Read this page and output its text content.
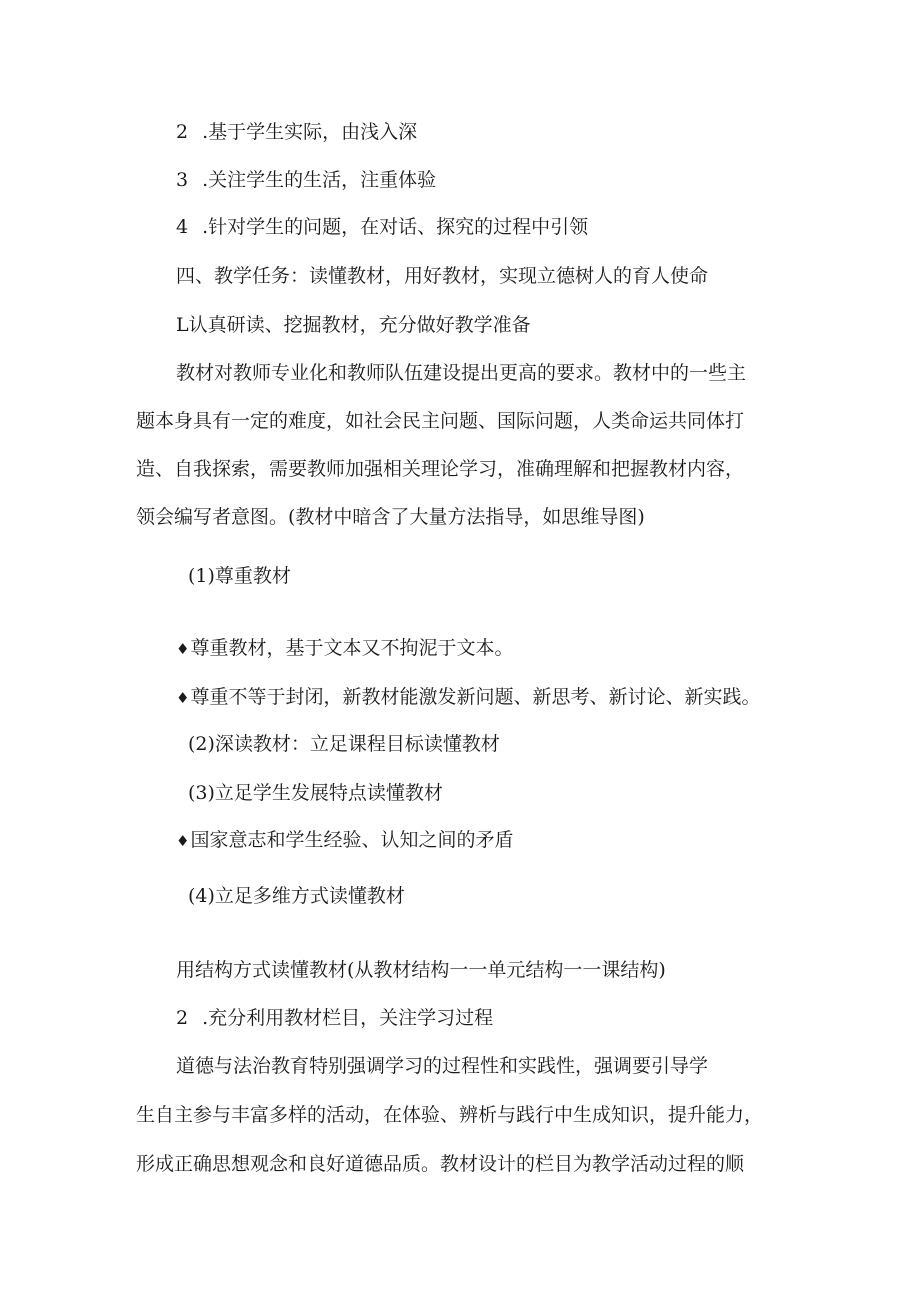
2 .基于学生实际，由浅入深
3 .关注学生的生活，注重体验
4 .针对学生的问题，在对话、探究的过程中引领
四、教学任务：读懂教材，用好教材，实现立德树人的育人使命
L认真研读、挖掘教材，充分做好教学准备
教材对教师专业化和教师队伍建设提出更高的要求。教材中的一些主
题本身具有一定的难度，如社会民主问题、国际问题，人类命运共同体打
造、自我探索，需要教师加强相关理论学习，准确理解和把握教材内容，
领会编写者意图。(教材中暗含了大量方法指导，如思维导图)
(1)尊重教材
♦尊重教材，基于文本又不拘泥于文本。
♦尊重不等于封闭，新教材能激发新问题、新思考、新讨论、新实践。
(2)深读教材：立足课程目标读懂教材
(3)立足学生发展特点读懂教材
♦国家意志和学生经验、认知之间的矛盾
(4)立足多维方式读懂教材
用结构方式读懂教材(从教材结构一一单元结构一一课结构)
2 .充分利用教材栏目，关注学习过程
道德与法治教育特别强调学习的过程性和实践性，强调要引导学
生自主参与丰富多样的活动，在体验、辨析与践行中生成知识，提升能力，
形成正确思想观念和良好道德品质。教材设计的栏目为教学活动过程的顺
